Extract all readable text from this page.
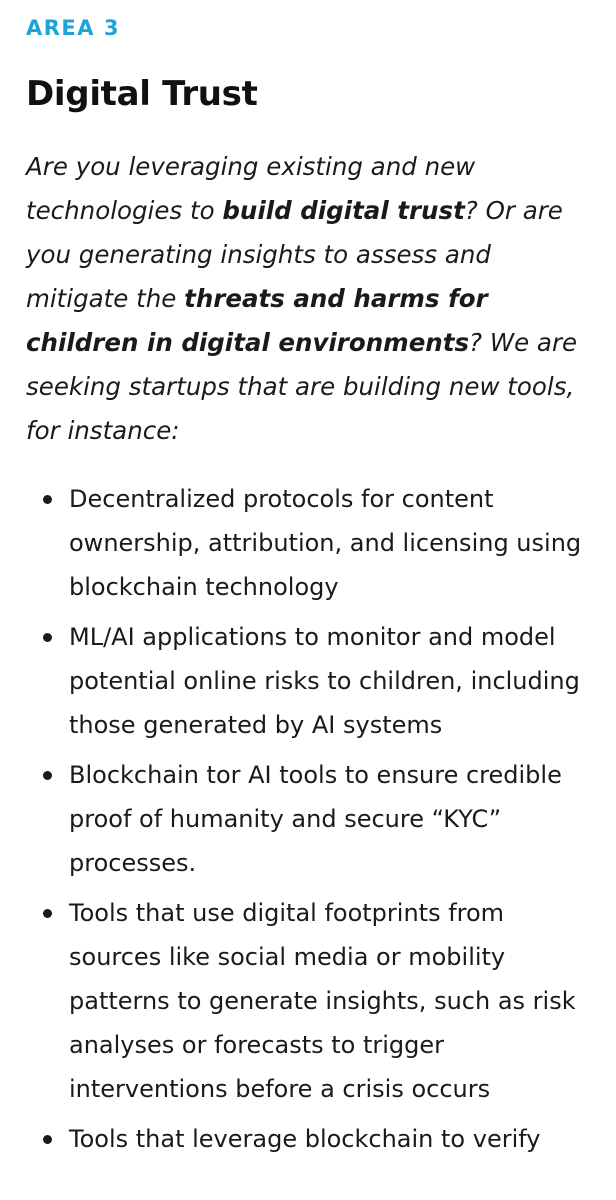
AREA 3
Digital Trust

Are you leveraging existing and new technologies to build digital trust? Or are you generating insights to assess and mitigate the threats and harms for children in digital environments? We are seeking startups that are building new tools, for instance:

Decentralized protocols for content ownership, attribution, and licensing using blockchain technology
ML/AI applications to monitor and model potential online risks to children, including those generated by AI systems
Blockchain tor AI tools to ensure credible proof of humanity and secure “KYC” processes.
Tools that use digital footprints from sources like social media or mobility patterns to generate insights, such as risk analyses or forecasts to trigger interventions before a crisis occurs
Tools that leverage blockchain to verify
